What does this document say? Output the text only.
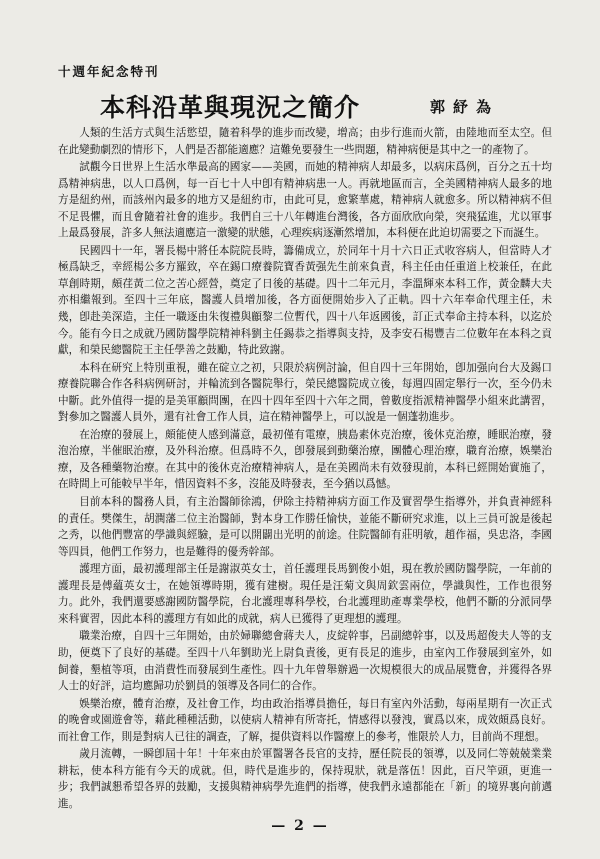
十週年紀念特刊
本科沿革與現況之簡介	郭紓為

人類的生活方式與生活慾望，隨着科學的進步而改變，增高；由步行進而火箭，由陸地而至太空。但在此變動劇烈的情形下，人們是否都能適應？這難免要發生一些問題，精神病便是其中之一的產物了。

試觀今日世界上生活水準最高的國家——美國，而她的精神病人却最多，以病床爲例，百分之五十均爲精神病患，以人口爲例，每一百七十人中卽有精神病患一人。再就地區而言，全美國精神病人最多的地方是紐約州，而該州內最多的地方又是紐約市，由此可見，愈繁華處，精神病人就愈多。所以精神病不但不足畏懼，而且會隨着社會的進步。我們自三十八年轉進台灣後，各方面欣欣向榮，突飛猛進，尤以軍事上最爲發展，許多人無法適應這一激變的狀態，心理疾病逐漸然增加，本科便在此迫切需要之下而誕生。

民國四十一年，署長楊中將任本院院長時，籌備成立，於同年十月十六日正式收容病人，但當時人才極爲缺乏，幸經楊公多方羅致，卒在錫口療養院寶香黃强先生前來負責，科主任由任重道上校兼任，在此草創時期，頗荏黃二位之苦心經營，奠定了日後的基礎。四十二年元月，李溫輝來本科工作，黃金麟大夫亦相繼報到。至四十三年底，醫護人員增加後，各方面便開始步入了正軌。四十六年奉命代理主任，未幾，卽赴美深造，主任一職逐由朱復禮與顧黎二位暫代，四十八年返國後，訂正式奉命主持本科，以迄於今。能有今日之成就乃國防醫學院精神科劉主任錫恭之指導與支持，及李安石楊豐吉二位數年在本科之貢獻，和榮民總醫院王主任學善之鼓勵，特此致謝。

本科在研究上特別重視，雖在碇立之初，只限於病例討論，但自四十三年開始，卽加强向台大及錫口療養院聯合作各科病例研討，并輪流到各醫院舉行，榮民總醫院成立後，每週四固定舉行一次，至今仍未中斷。此外值得一提的是美軍顧問團，在四十四年至四十六年之間，曾數度指派精神醫學小組來此講習，對參加之醫護人員外，還有社會工作人員，這在精神醫學上，可以說是一個蓬勃進步。

在治療的發展上，頗能使人感到滿意，最初僅有電療，胰島素休克治療，後休克治療，睡眠治療，發泡治療，半催眠治療，及外科治療。但爲時不久，卽發展到動藥治療，團體心理治療，職育治療，娛樂治療，及各種藥物治療。在其中的後休克治療精神病人，是在美國尚未有效發現前，本科已經開始實施了，在時間上可能較早半年，惜因資料不多，沒能及時發表，至今猶以爲憾。

目前本科的醫務人員，有主治醫師徐鴻，伊除主持精神病方面工作及實習學生指導外，并負責神經科的責任。樊傑生，胡潤藩二位主治醫師，對本身工作勝任愉快，並能不斷研究求進，以上三員可說是後起之秀，以他們豐富的學識與經驗，是可以開闢出光明的前途。住院醫師有莊明敏，趙作福，吳忠洛，李國等四員，他們工作努力，也是難得的優秀幹部。

護理方面，最初護理部主任是謝淑英女士，首任護理長馬劉俊小姐，現在教於國防醫學院，一年前的護理長是傅蘊英女士，在她領導時期，獲有建樹。現任是汪菊文與周欽雲兩位，學識與性，工作也很努力。此外，我們還要感謝國防醫學院，台北護理專科學校，台北護理助產專業學校，他們不斷的分派同學來科實習，因此本科的護理方有如此的成就，病人已獲得了更理想的護理。

職業治療，自四十三年開始，由於婦聯總會蔣夫人，皮綻幹事，呂副總幹事，以及馬超俊夫人等的支助，便奠下了良好的基礎。至四十八年劉助光上尉負責後，更有長足的進步，由室內工作發展到室外，如飼養，墾植等項，由消費性而發展到生產性。四十九年曾舉辦過一次規模很大的成品展覽會，并獲得各界人士的好評，這均應歸功於劉員的領導及各同仁的合作。

娛樂治療，體育治療，及社會工作，均由政治指導員擔任，每日有室內外活動，每兩星期有一次正式的晚會或園遊會等，藉此種種活動，以使病人精神有所寄托，情感得以發洩，實爲以來，成效頗爲良好。而社會工作，則是對病人已往的調查，了解，提供資料以作醫療上的參考，惟限於人力，目前尚不理想。

歲月流轉，一瞬卽屆十年！十年來由於軍醫署各長官的支持，歷任院長的領導，以及同仁等兢兢業業耕耘，使本科方能有今天的成就。但，時代是進步的，保持現狀，就是落伍！因此，百尺竿頭，更進一步；我們誠懇希望各界的鼓勵，支援與精神病學先進們的指導，使我們永遠都能在「新」的境界裏向前邁進。

— 2 —
